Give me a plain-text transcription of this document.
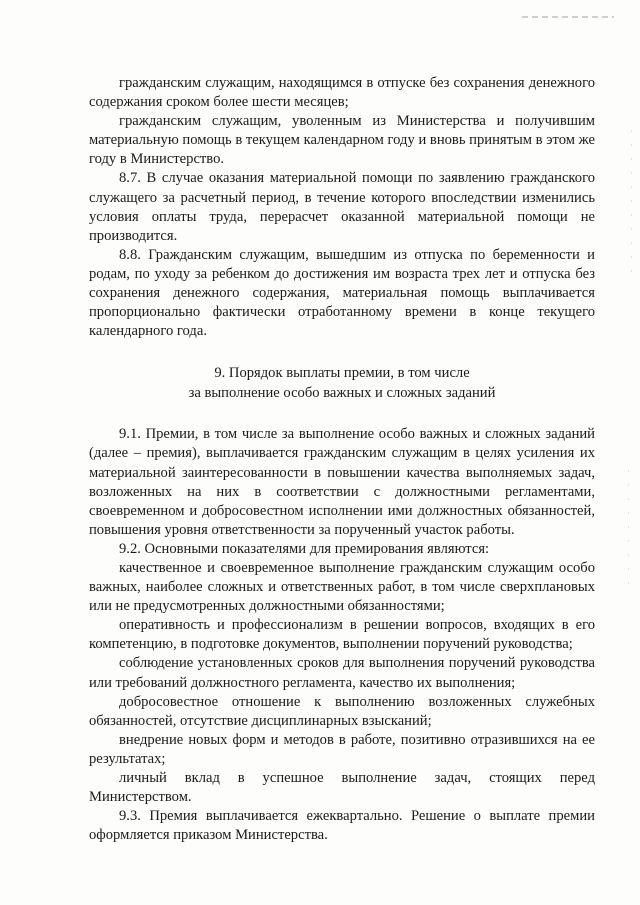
гражданским служащим, находящимся в отпуске без сохранения денежного содержания сроком более шести месяцев;

гражданским служащим, уволенным из Министерства и получившим материальную помощь в текущем календарном году и вновь принятым в этом же году в Министерство.

8.7. В случае оказания материальной помощи по заявлению гражданского служащего за расчетный период, в течение которого впоследствии изменились условия оплаты труда, перерасчет оказанной материальной помощи не производится.

8.8. Гражданским служащим, вышедшим из отпуска по беременности и родам, по уходу за ребенком до достижения им возраста трех лет и отпуска без сохранения денежного содержания, материальная помощь выплачивается пропорционально фактически отработанному времени в конце текущего календарного года.

9. Порядок выплаты премии, в том числе
за выполнение особо важных и сложных заданий

9.1. Премии, в том числе за выполнение особо важных и сложных заданий (далее – премия), выплачивается гражданским служащим в целях усиления их материальной заинтересованности в повышении качества выполняемых задач, возложенных на них в соответствии с должностными регламентами, своевременном и добросовестном исполнении ими должностных обязанностей, повышения уровня ответственности за порученный участок работы.

9.2. Основными показателями для премирования являются:

качественное и своевременное выполнение гражданским служащим особо важных, наиболее сложных и ответственных работ, в том числе сверхплановых или не предусмотренных должностными обязанностями;

оперативность и профессионализм в решении вопросов, входящих в его компетенцию, в подготовке документов, выполнении поручений руководства;

соблюдение установленных сроков для выполнения поручений руководства или требований должностного регламента, качество их выполнения;

добросовестное отношение к выполнению возложенных служебных обязанностей, отсутствие дисциплинарных взысканий;

внедрение новых форм и методов в работе, позитивно отразившихся на ее результатах;

личный вклад в успешное выполнение задач, стоящих перед Министерством.

9.3. Премия выплачивается ежеквартально. Решение о выплате премии оформляется приказом Министерства.
